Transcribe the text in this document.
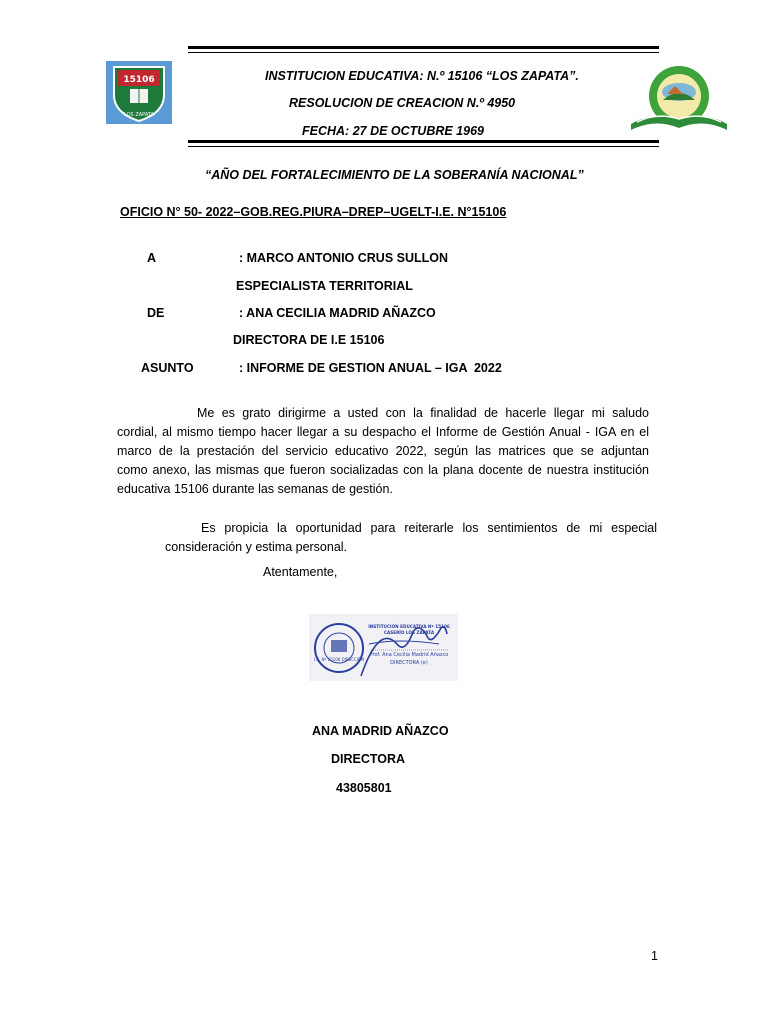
15106
LOS ZAPATA
INSTITUCION EDUCATIVA: N.º 15106 “LOS ZAPATA”.
RESOLUCION DE CREACION N.º 4950
FECHA: 27 DE OCTUBRE 1969
“AÑO DEL FORTALECIMIENTO DE LA SOBERANÍA NACIONAL”
OFICIO N° 50- 2022–GOB.REG.PIURA–DREP–UGELT-I.E. N°15106
A	: MARCO ANTONIO CRUS SULLON
ESPECIALISTA TERRITORIAL
DE	: ANA CECILIA MADRID AÑAZCO
DIRECTORA DE I.E 15106
ASUNTO	: INFORME DE GESTION ANUAL – IGA  2022
Me es grato dirigirme a usted con la finalidad de hacerle llegar mi saludo
cordial, al mismo tiempo hacer llegar a su despacho el Informe de Gestión Anual - IGA en el
marco de la prestación del servicio educativo 2022, según las matrices que se adjuntan
como anexo, las mismas que fueron socializadas con la plana docente de nuestra institución
educativa 15106 durante las semanas de gestión.
Es propicia la oportunidad para reiterarle los sentimientos de mi especial
consideración y estima personal.
Atentamente,
I.E. Nº 15106 DIRECCIÓN
INSTITUCIÓN EDUCATIVA Nº 15106
CASERÍO LOS ZAPATA
Prof. Ana Cecilia Madrid Añazco
DIRECTORA (e)
ANA MADRID AÑAZCO
DIRECTORA
43805801
1
